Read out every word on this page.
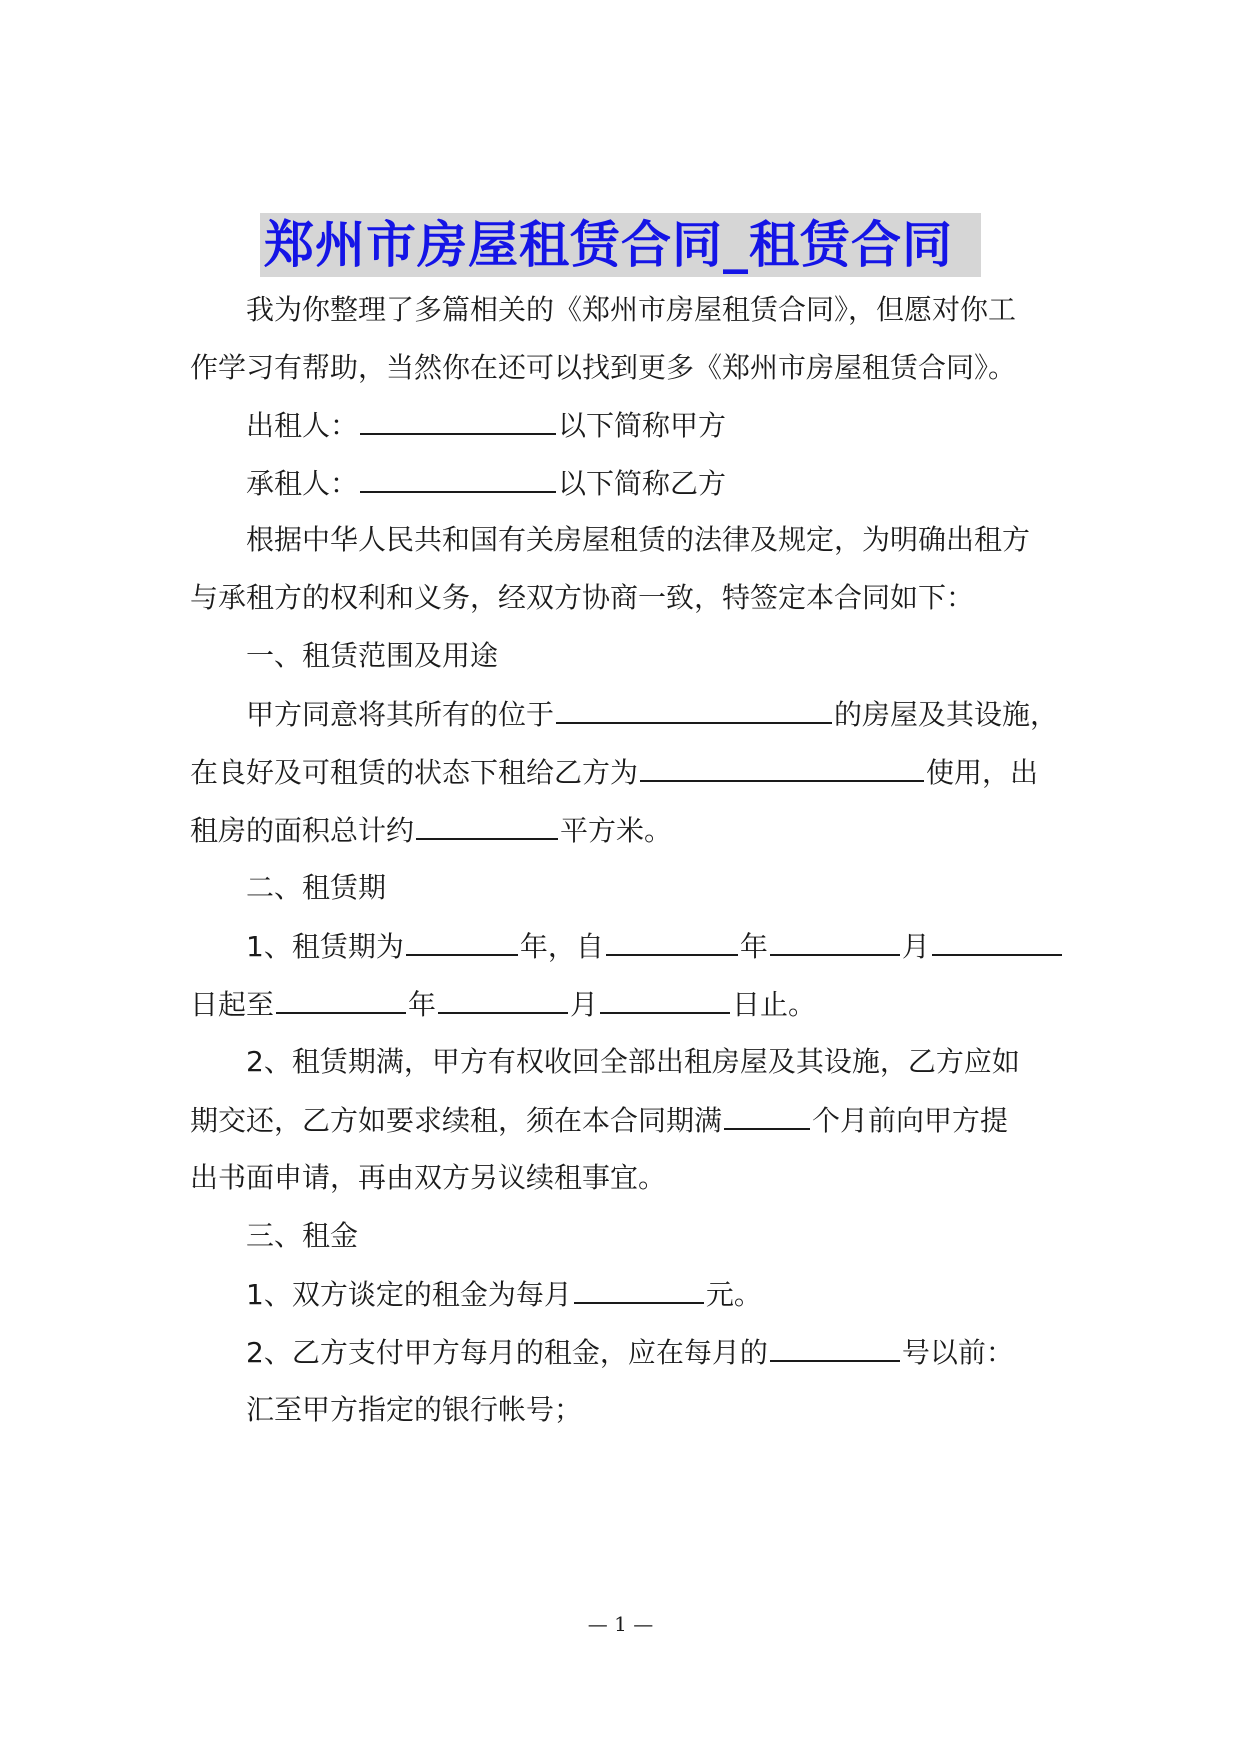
郑州市房屋租赁合同_租赁合同
我为你整理了多篇相关的《郑州市房屋租赁合同》，但愿对你工
作学习有帮助，当然你在还可以找到更多《郑州市房屋租赁合同》。
出租人：	以下简称甲方
承租人：	以下简称乙方
根据中华人民共和国有关房屋租赁的法律及规定，为明确出租方
与承租方的权利和义务，经双方协商一致，特签定本合同如下：
一、租赁范围及用途
甲方同意将其所有的位于	的房屋及其设施，
在良好及可租赁的状态下租给乙方为	使用，出
租房的面积总计约	平方米。
二、租赁期
1、租赁期为	年，自	年	月
日起至	年	月	日止。
2、租赁期满，甲方有权收回全部出租房屋及其设施，乙方应如
期交还，乙方如要求续租，须在本合同期满	个月前向甲方提
出书面申请，再由双方另议续租事宜。
三、租金
1、双方谈定的租金为每月	元。
2、乙方支付甲方每月的租金，应在每月的	号以前：
汇至甲方指定的银行帐号；
— 1 —
